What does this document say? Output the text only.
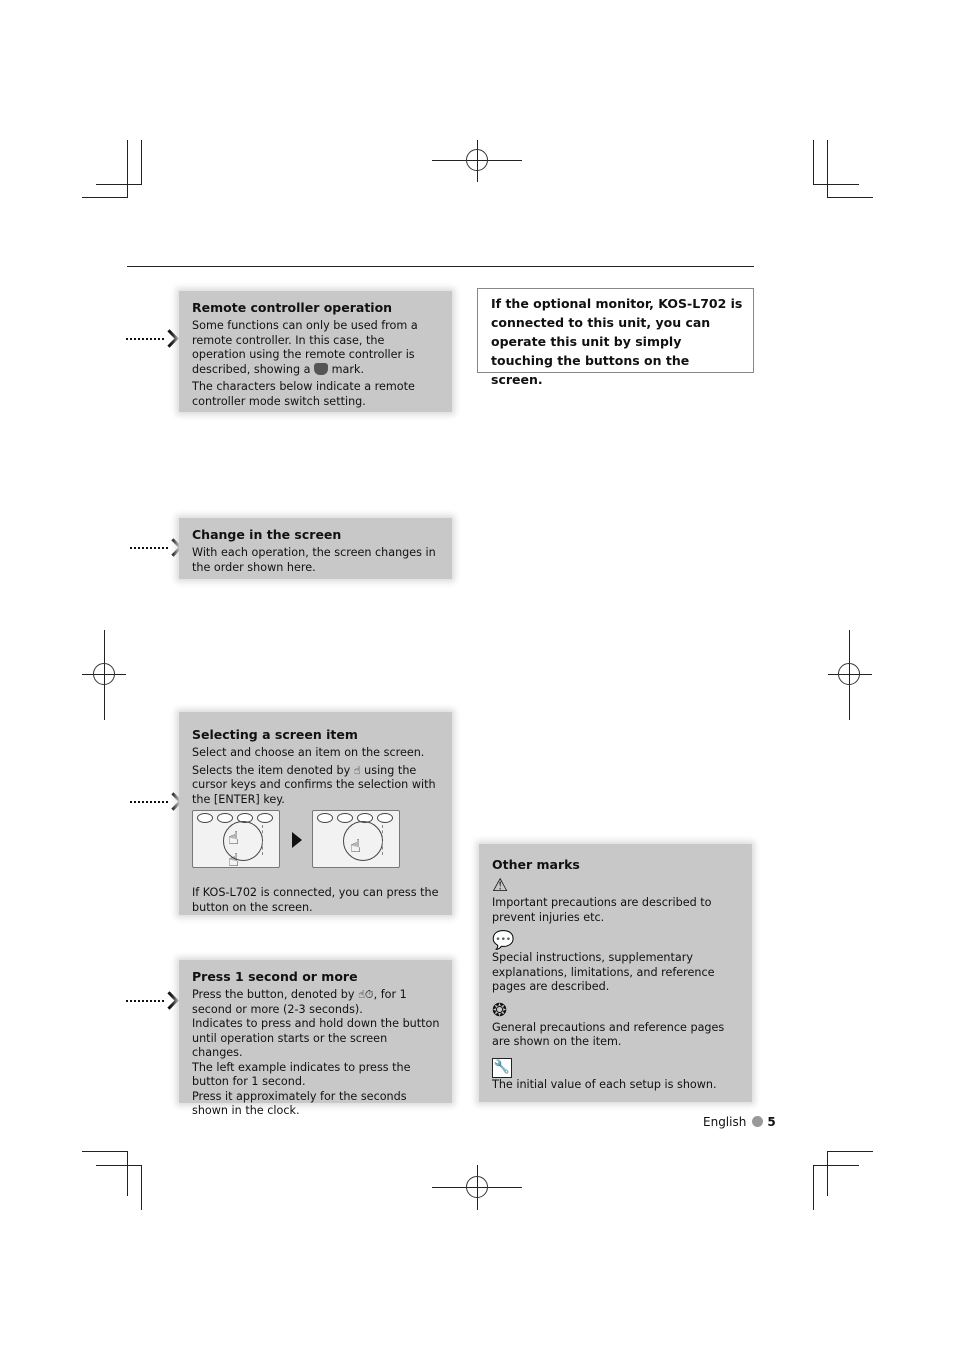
Remote controller operation

Some functions can only be used from a remote controller. In this case, the operation using the remote controller is described, showing a mark.

The characters below indicate a remote controller mode switch setting.

If the optional monitor, KOS-L702 is connected to this unit, you can operate this unit by simply touching the buttons on the screen.
Change in the screen

With each operation, the screen changes in the order shown here.

Selecting a screen item

Select and choose an item on the screen.

Selects the item denoted by ☝ using the cursor keys and confirms the selection with the [ENTER] key.

☝
☝
☝

If KOS-L702 is connected, you can press the button on the screen.

Press 1 second or more

Press the button, denoted by ☝⏱, for 1 second or more (2-3 seconds).

Indicates to press and hold down the button until operation starts or the screen changes.

The left example indicates to press the button for 1 second.

Press it approximately for the seconds shown in the clock.

Other marks
⚠

Important precautions are described to prevent injuries etc.

💬

Special instructions, supplementary explanations, limitations, and reference pages are described.

❂

General precautions and reference pages are shown on the item.

🔧

The initial value of each setup is shown.

English 5
